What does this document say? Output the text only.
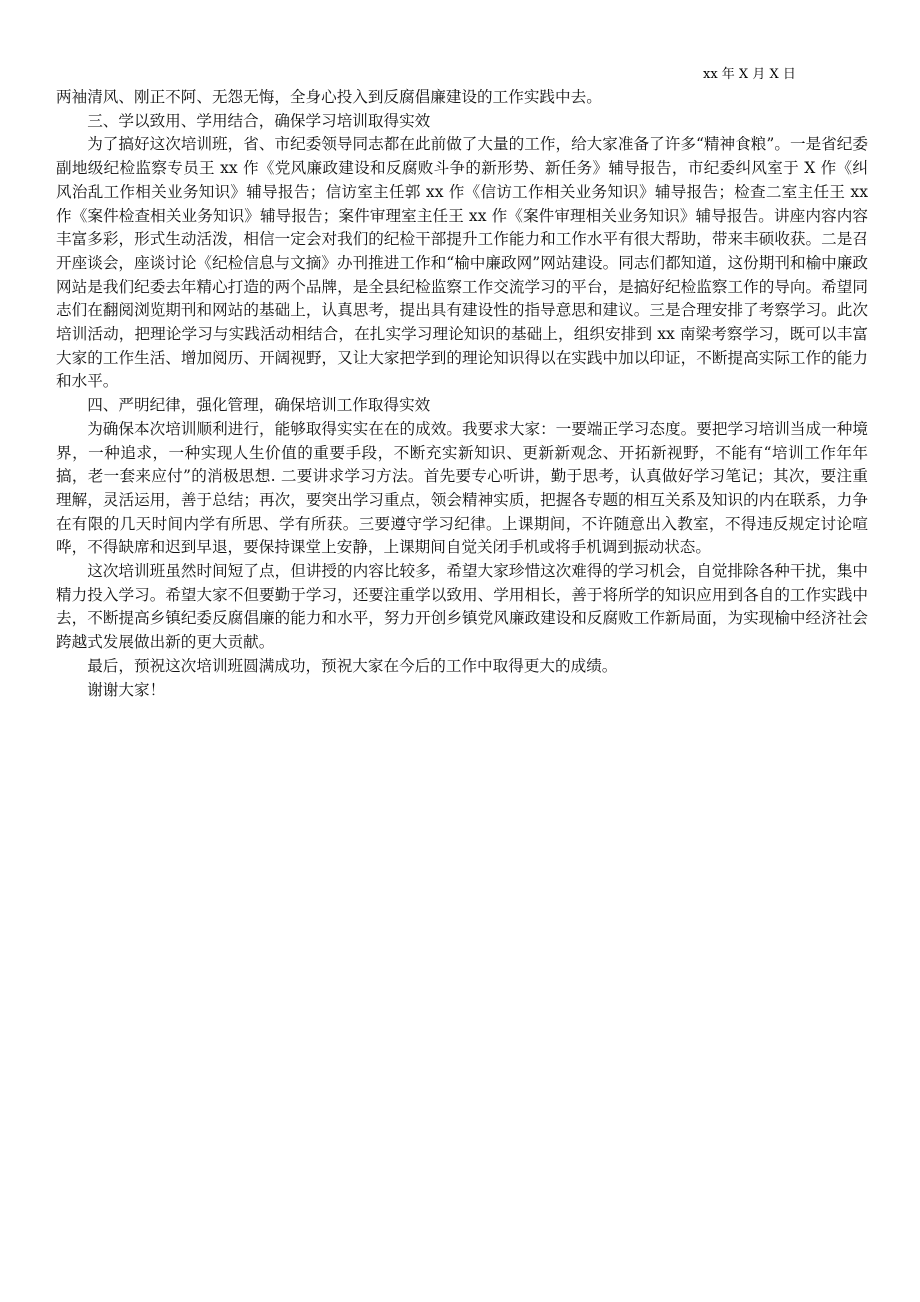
xx 年 X 月 X 日

两袖清风、刚正不阿、无怨无悔，全身心投入到反腐倡廉建设的工作实践中去。

三、学以致用、学用结合，确保学习培训取得实效

为了搞好这次培训班，省、市纪委领导同志都在此前做了大量的工作，给大家准备了许多“精神食粮”。一是省纪委副地级纪检监察专员王 xx 作《党风廉政建设和反腐败斗争的新形势、新任务》辅导报告，市纪委纠风室于 X 作《纠风治乱工作相关业务知识》辅导报告；信访室主任郭 xx 作《信访工作相关业务知识》辅导报告；检查二室主任王 xx 作《案件检查相关业务知识》辅导报告；案件审理室主任王 xx 作《案件审理相关业务知识》辅导报告。讲座内容内容丰富多彩，形式生动活泼，相信一定会对我们的纪检干部提升工作能力和工作水平有很大帮助，带来丰硕收获。二是召开座谈会，座谈讨论《纪检信息与文摘》办刊推进工作和“榆中廉政网”网站建设。同志们都知道，这份期刊和榆中廉政网站是我们纪委去年精心打造的两个品牌，是全县纪检监察工作交流学习的平台，是搞好纪检监察工作的导向。希望同志们在翻阅浏览期刊和网站的基础上，认真思考，提出具有建设性的指导意思和建议。三是合理安排了考察学习。此次培训活动，把理论学习与实践活动相结合，在扎实学习理论知识的基础上，组织安排到 xx 南梁考察学习，既可以丰富大家的工作生活、增加阅历、开阔视野，又让大家把学到的理论知识得以在实践中加以印证，不断提高实际工作的能力和水平。

四、严明纪律，强化管理，确保培训工作取得实效

为确保本次培训顺利进行，能够取得实实在在的成效。我要求大家：一要端正学习态度。要把学习培训当成一种境界，一种追求，一种实现人生价值的重要手段，不断充实新知识、更新新观念、开拓新视野，不能有“培训工作年年搞，老一套来应付”的消极思想. 二要讲求学习方法。首先要专心听讲，勤于思考，认真做好学习笔记；其次，要注重理解，灵活运用，善于总结；再次，要突出学习重点，领会精神实质，把握各专题的相互关系及知识的内在联系，力争在有限的几天时间内学有所思、学有所获。三要遵守学习纪律。上课期间，不许随意出入教室，不得违反规定讨论喧哗，不得缺席和迟到早退，要保持课堂上安静，上课期间自觉关闭手机或将手机调到振动状态。

这次培训班虽然时间短了点，但讲授的内容比较多，希望大家珍惜这次难得的学习机会，自觉排除各种干扰，集中精力投入学习。希望大家不但要勤于学习，还要注重学以致用、学用相长，善于将所学的知识应用到各自的工作实践中去，不断提高乡镇纪委反腐倡廉的能力和水平，努力开创乡镇党风廉政建设和反腐败工作新局面，为实现榆中经济社会跨越式发展做出新的更大贡献。

最后，预祝这次培训班圆满成功，预祝大家在今后的工作中取得更大的成绩。

谢谢大家！
